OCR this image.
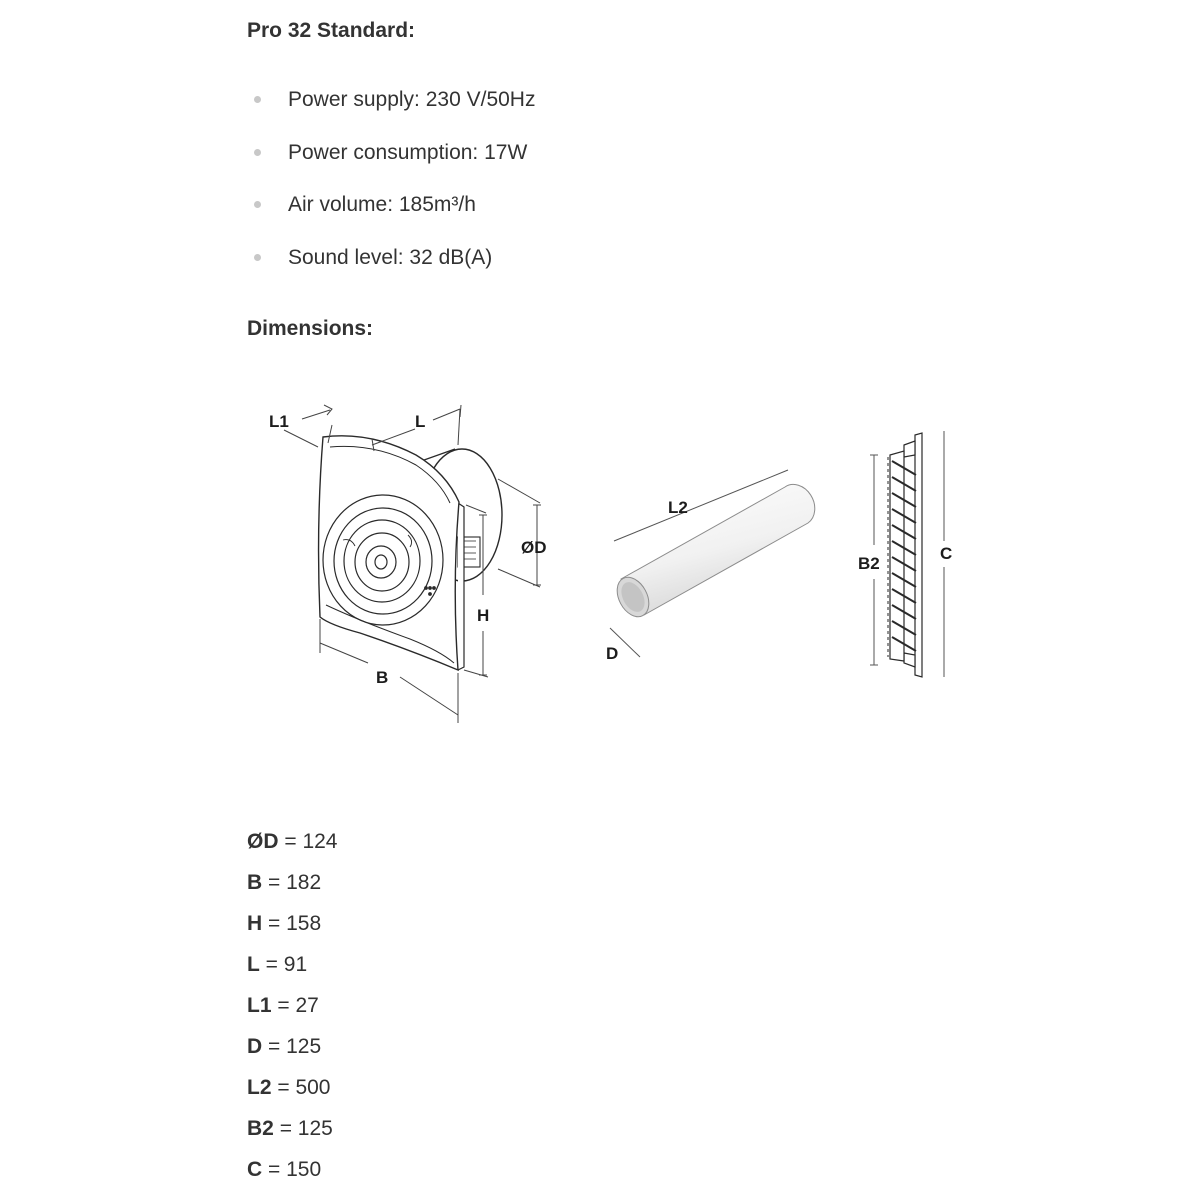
Pro 32 Standard:
Power supply: 230 V/50Hz
Power consumption: 17W
Air volume: 185m³/h
Sound level: 32 dB(A)
Dimensions:
L1	L
ØD
H
B
L2
D
B2
C
ØD = 124
B = 182
H = 158
L = 91
L1 = 27
D = 125
L2 = 500
B2 = 125
C = 150
